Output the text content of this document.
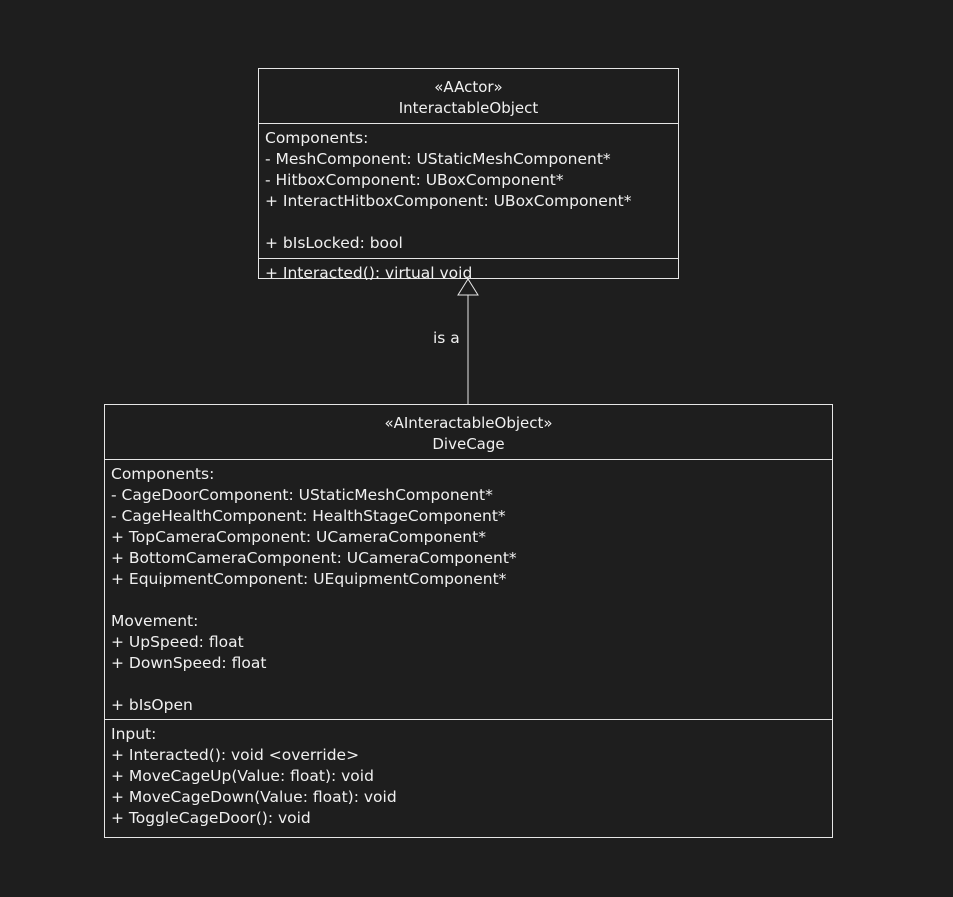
«AActor»
InteractableObject
Components:
- MeshComponent: UStaticMeshComponent*
- HitboxComponent: UBoxComponent*
+ InteractHitboxComponent: UBoxComponent*
+ bIsLocked: bool
+ Interacted(): virtual void
is a
«AInteractableObject»
DiveCage
Components:
- CageDoorComponent: UStaticMeshComponent*
- CageHealthComponent: HealthStageComponent*
+ TopCameraComponent: UCameraComponent*
+ BottomCameraComponent: UCameraComponent*
+ EquipmentComponent: UEquipmentComponent*
Movement:
+ UpSpeed: float
+ DownSpeed: float
+ bIsOpen
Input:
+ Interacted(): void <override>
+ MoveCageUp(Value: float): void
+ MoveCageDown(Value: float): void
+ ToggleCageDoor(): void
